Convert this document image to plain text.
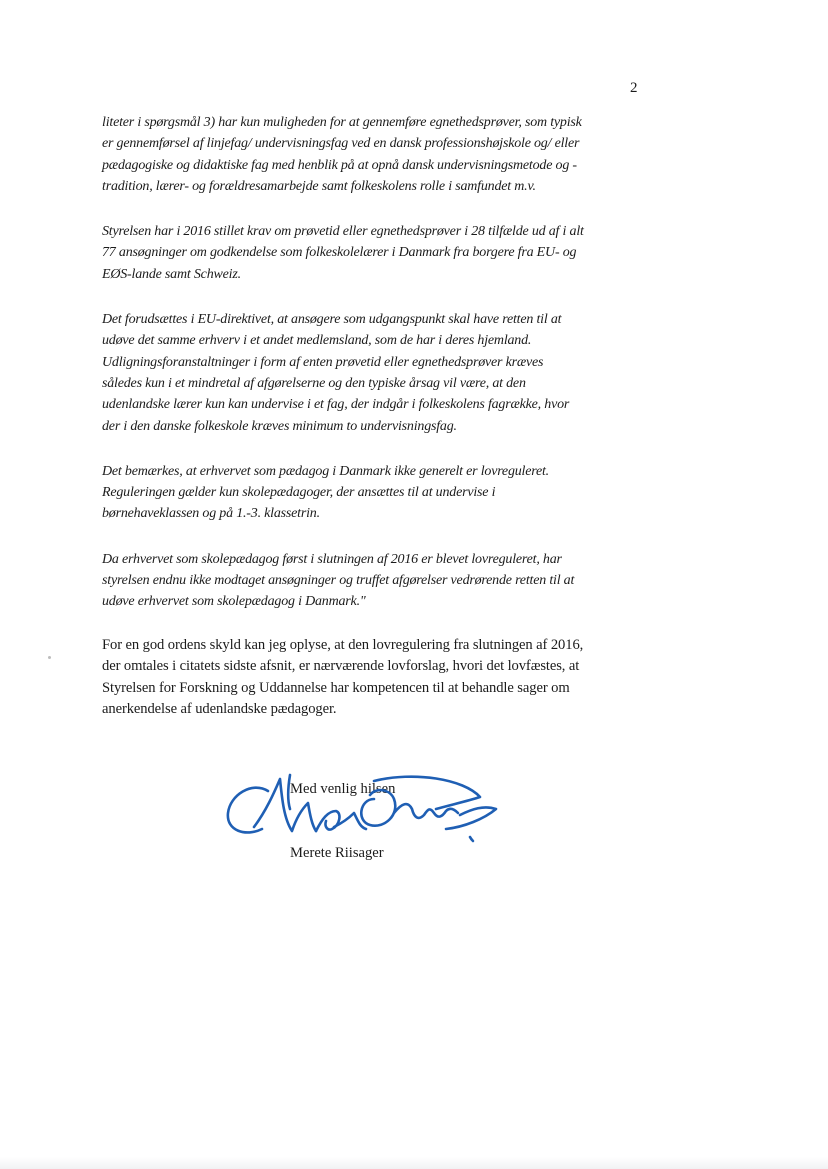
2

liteter i spørgsmål 3) har kun muligheden for at gennemføre egnethedsprøver, som typisk er gennemførsel af linjefag/ undervisningsfag ved en dansk professionshøjskole og/ eller pædagogiske og didaktiske fag med henblik på at opnå dansk undervisningsmetode og -tradition, lærer- og forældresamarbejde samt folkeskolens rolle i samfundet m.v.

Styrelsen har i 2016 stillet krav om prøvetid eller egnethedsprøver i 28 tilfælde ud af i alt 77 ansøgninger om godkendelse som folkeskolelærer i Danmark fra borgere fra EU- og EØS-lande samt Schweiz.

Det forudsættes i EU-direktivet, at ansøgere som udgangspunkt skal have retten til at udøve det samme erhverv i et andet medlemsland, som de har i deres hjemland. Udligningsforanstaltninger i form af enten prøvetid eller egnethedsprøver kræves således kun i et mindretal af afgørelserne og den typiske årsag vil være, at den udenlandske lærer kun kan undervise i et fag, der indgår i folkeskolens fagrække, hvor der i den danske folkeskole kræves minimum to undervisningsfag.

Det bemærkes, at erhvervet som pædagog i Danmark ikke generelt er lovreguleret. Reguleringen gælder kun skolepædagoger, der ansættes til at undervise i børnehaveklassen og på 1.-3. klassetrin.

Da erhvervet som skolepædagog først i slutningen af 2016 er blevet lovreguleret, har styrelsen endnu ikke modtaget ansøgninger og truffet afgørelser vedrørende retten til at udøve erhvervet som skolepædagog i Danmark."

For en god ordens skyld kan jeg oplyse, at den lovregulering fra slutningen af 2016, der omtales i citatets sidste afsnit, er nærværende lovforslag, hvori det lovfæstes, at Styrelsen for Forskning og Uddannelse har kompetencen til at behandle sager om anerkendelse af udenlandske pædagoger.

Med venlig hilsen
Merete Riisager
